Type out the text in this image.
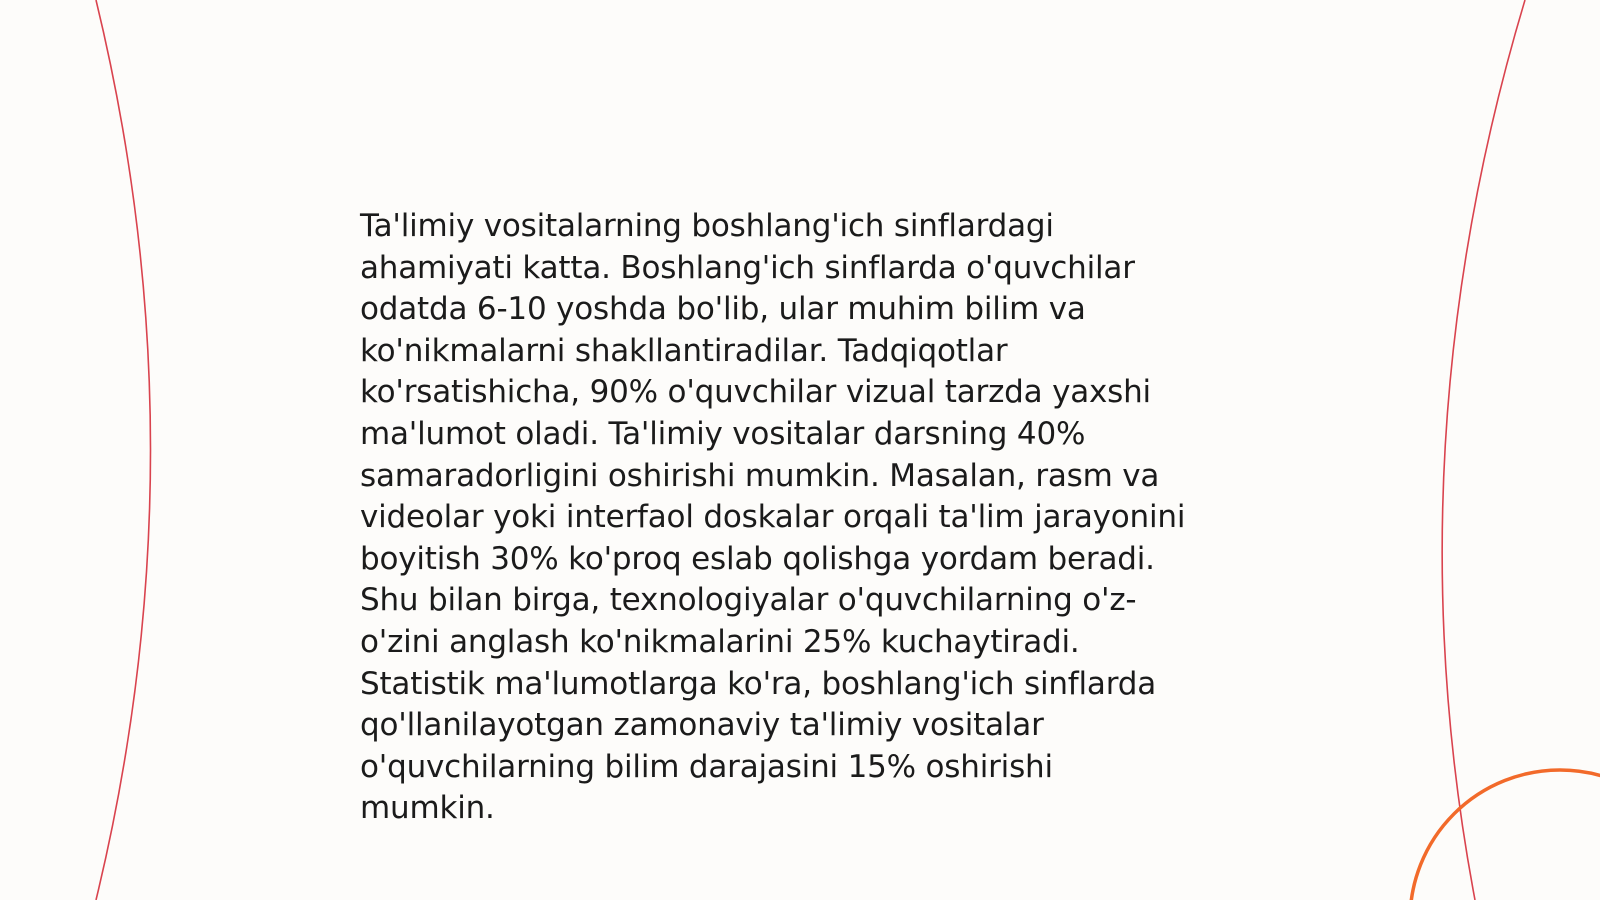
Ta'limiy vositalarning boshlang'ich sinflardagi
ahamiyati katta. Boshlang'ich sinflarda o'quvchilar
odatda 6-10 yoshda bo'lib, ular muhim bilim va
ko'nikmalarni shakllantiradilar. Tadqiqotlar
ko'rsatishicha, 90% o'quvchilar vizual tarzda yaxshi
ma'lumot oladi. Ta'limiy vositalar darsning 40%
samaradorligini oshirishi mumkin. Masalan, rasm va
videolar yoki interfaol doskalar orqali ta'lim jarayonini
boyitish 30% ko'proq eslab qolishga yordam beradi.
Shu bilan birga, texnologiyalar o'quvchilarning o'z-
o'zini anglash ko'nikmalarini 25% kuchaytiradi.
Statistik ma'lumotlarga ko'ra, boshlang'ich sinflarda
qo'llanilayotgan zamonaviy ta'limiy vositalar
o'quvchilarning bilim darajasini 15% oshirishi
mumkin.
